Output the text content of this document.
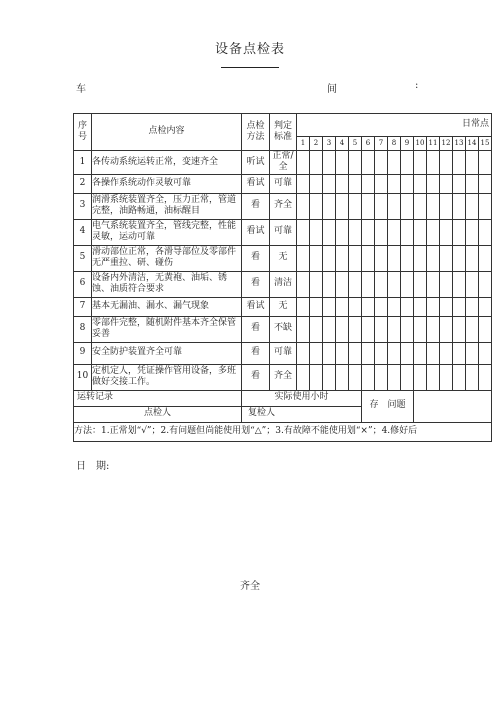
设备点检表
车	间	:
序号	点检内容	点检方法	判定标准	日常点														
				1	2	3	4	5	6	7	8	9	10	11	12	13	14	15
1	各传动系统运转正常，变速齐全	听试	正常/全															
2	各操作系统动作灵敏可靠	看试	可靠															
3	润滑系统装置齐全，压力正常，管道完整，油路畅通，油标醒目	看	齐全															
4	电气系统装置齐全，管线完整，性能灵敏，运动可靠	看试	可靠															
5	滑动部位正常，各滑导部位及零部件无严重拉、研、碰伤	看	无															
6	设备内外清洁，无黄袍、油垢、锈蚀、油质符合要求	看	清洁															
7	基本无漏油、漏水、漏气现象	看试	无															
8	零部件完整，随机附件基本齐全保管妥善	看	不缺															
9	安全防护装置齐全可靠	看	可靠															
10	定机定人，凭证操作管用设备，多班做好交接工作。	看	齐全															
运转记录		实际使用小时							存　问题									
点检人		复检人																
方法：1.正常划“√”；2.有问题但尚能使用划“△”；3.有故障不能使用划“×”；4.修好后																		
日　期:
齐全
